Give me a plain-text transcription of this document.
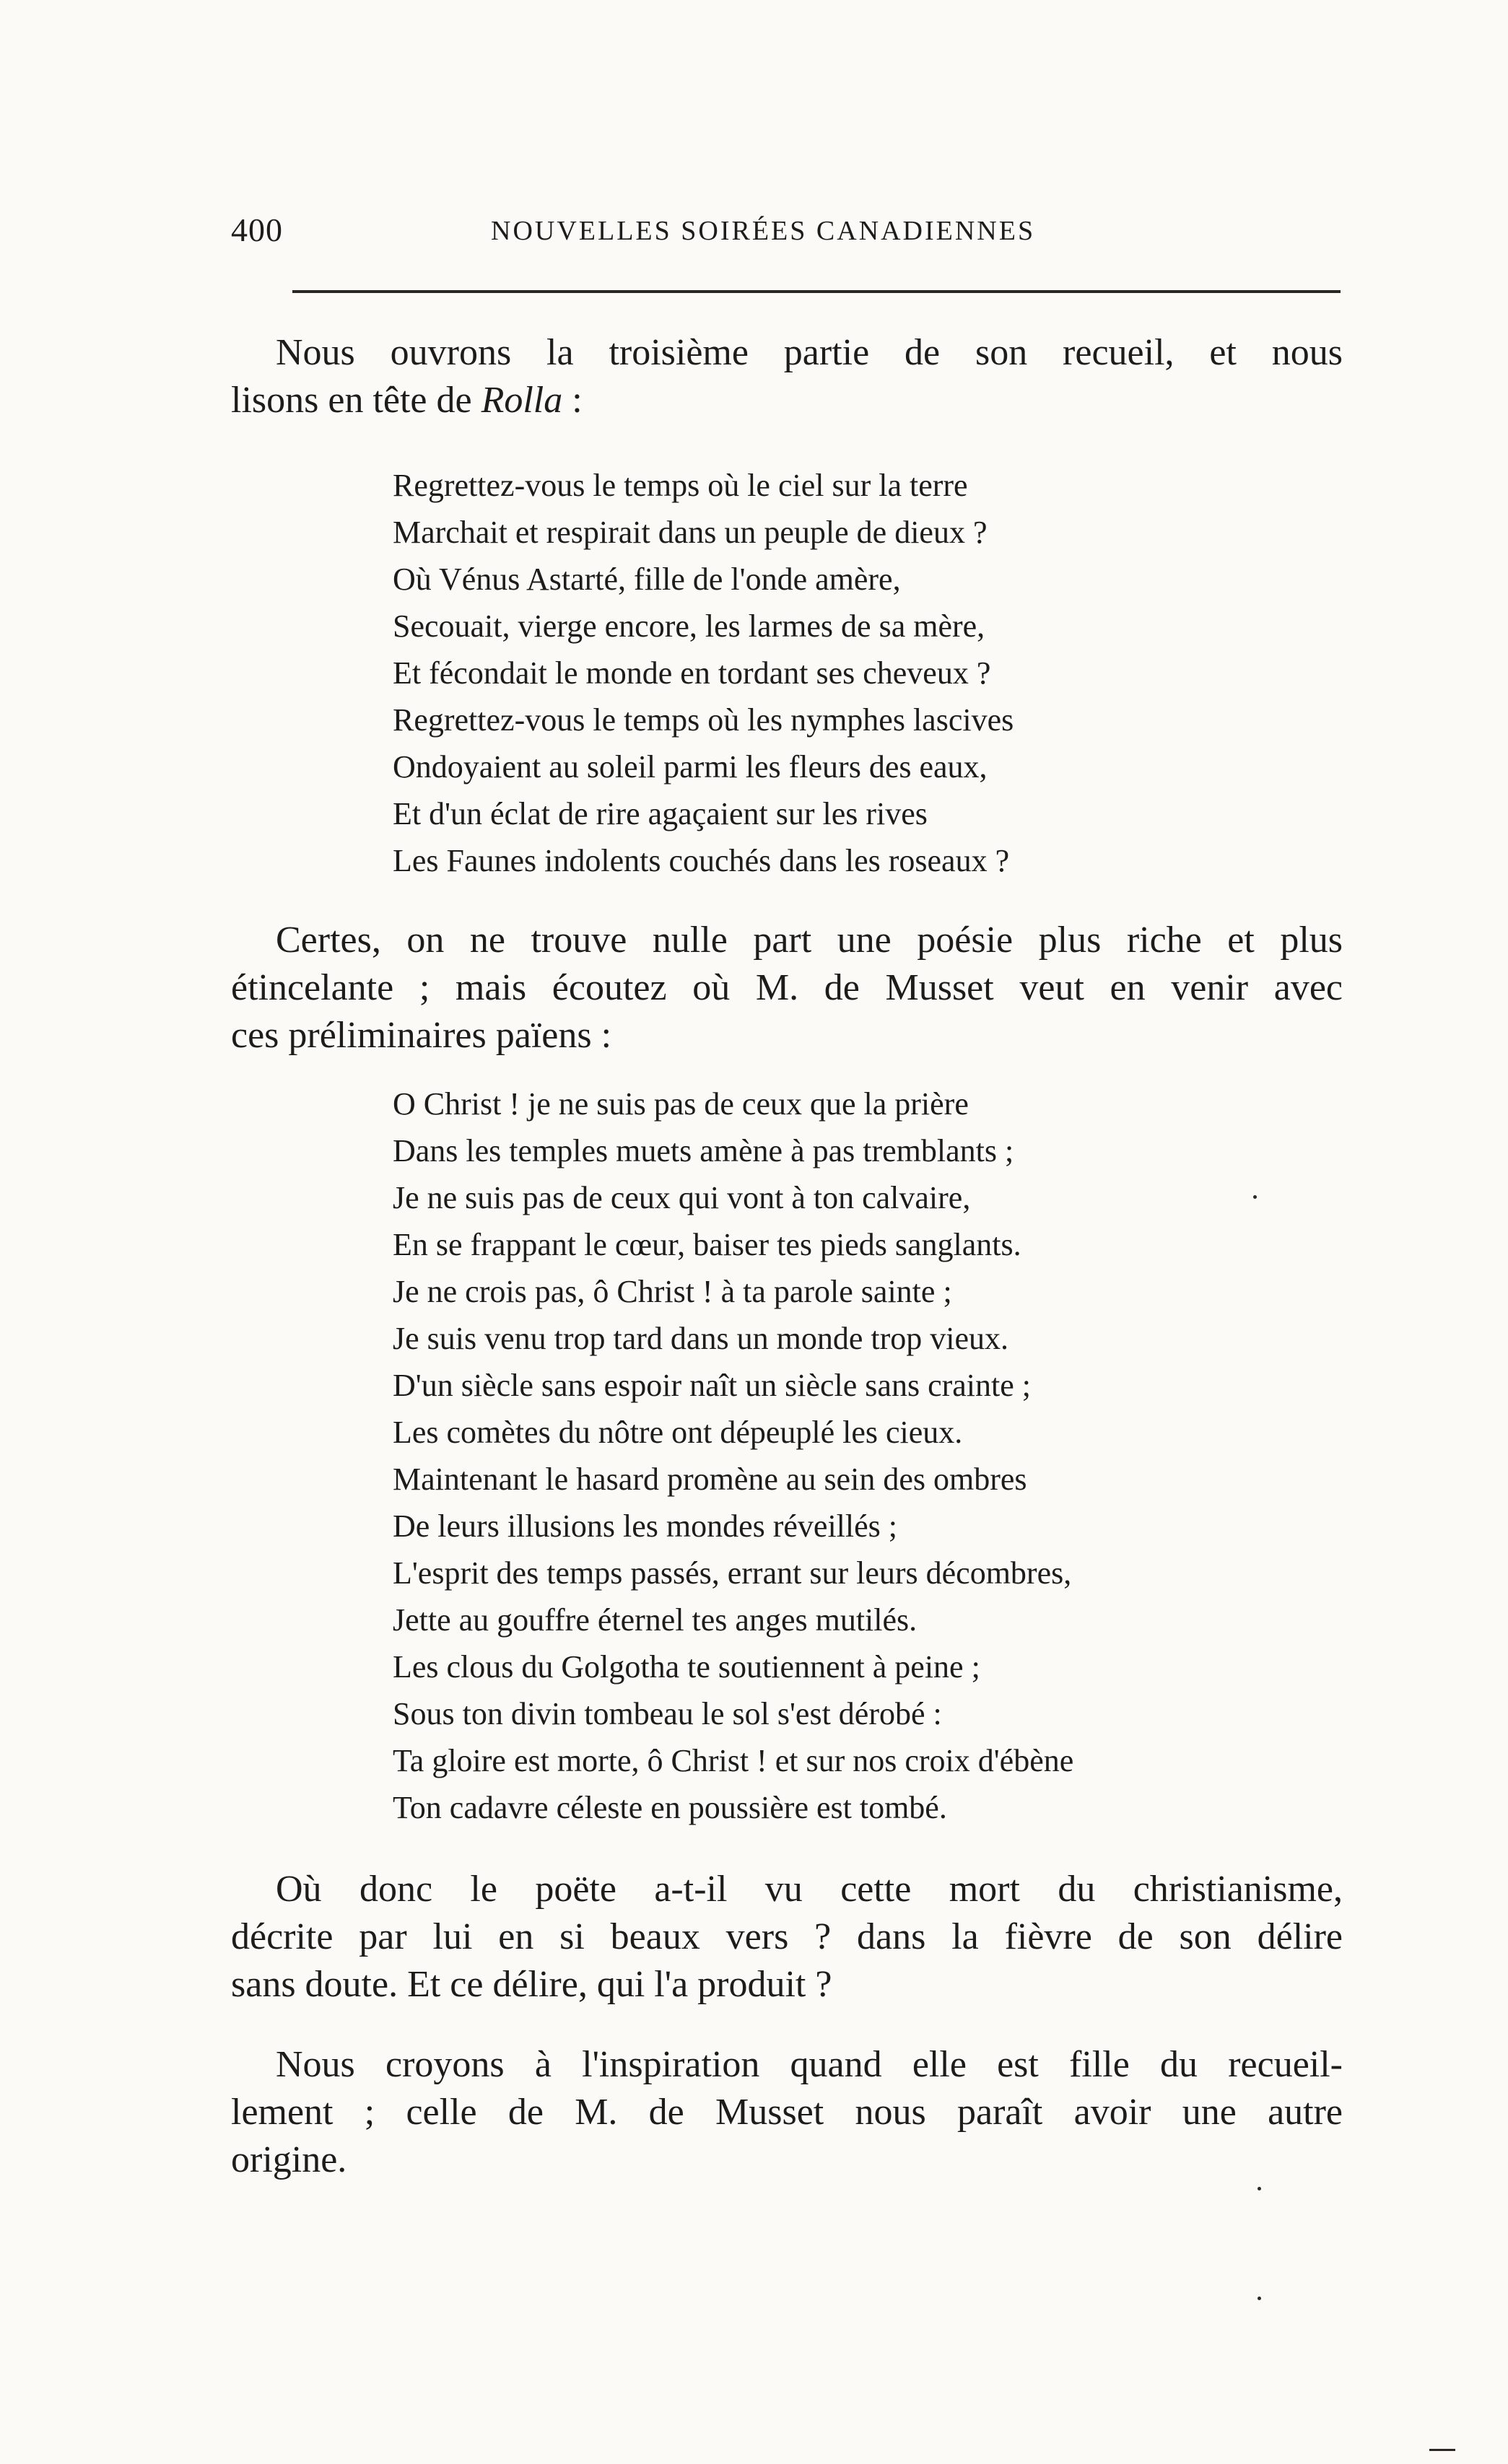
400	NOUVELLES SOIRÉES CANADIENNES
Nous ouvrons la troisième partie de son recueil, et nous
lisons en tête de Rolla :
Regrettez-vous le temps où le ciel sur la terre
Marchait et respirait dans un peuple de dieux ?
Où Vénus Astarté, fille de l'onde amère,
Secouait, vierge encore, les larmes de sa mère,
Et fécondait le monde en tordant ses cheveux ?
Regrettez-vous le temps où les nymphes lascives
Ondoyaient au soleil parmi les fleurs des eaux,
Et d'un éclat de rire agaçaient sur les rives
Les Faunes indolents couchés dans les roseaux ?
Certes, on ne trouve nulle part une poésie plus riche et plus
étincelante ; mais écoutez où M. de Musset veut en venir avec
ces préliminaires païens :
O Christ ! je ne suis pas de ceux que la prière
Dans les temples muets amène à pas tremblants ;
Je ne suis pas de ceux qui vont à ton calvaire,
En se frappant le cœur, baiser tes pieds sanglants.
Je ne crois pas, ô Christ ! à ta parole sainte ;
Je suis venu trop tard dans un monde trop vieux.
D'un siècle sans espoir naît un siècle sans crainte ;
Les comètes du nôtre ont dépeuplé les cieux.
Maintenant le hasard promène au sein des ombres
De leurs illusions les mondes réveillés ;
L'esprit des temps passés, errant sur leurs décombres,
Jette au gouffre éternel tes anges mutilés.
Les clous du Golgotha te soutiennent à peine ;
Sous ton divin tombeau le sol s'est dérobé :
Ta gloire est morte, ô Christ ! et sur nos croix d'ébène
Ton cadavre céleste en poussière est tombé.
Où donc le poëte a-t-il vu cette mort du christianisme,
décrite par lui en si beaux vers ? dans la fièvre de son délire
sans doute. Et ce délire, qui l'a produit ?
Nous croyons à l'inspiration quand elle est fille du recueil-
lement ; celle de M. de Musset nous paraît avoir une autre
origine.
